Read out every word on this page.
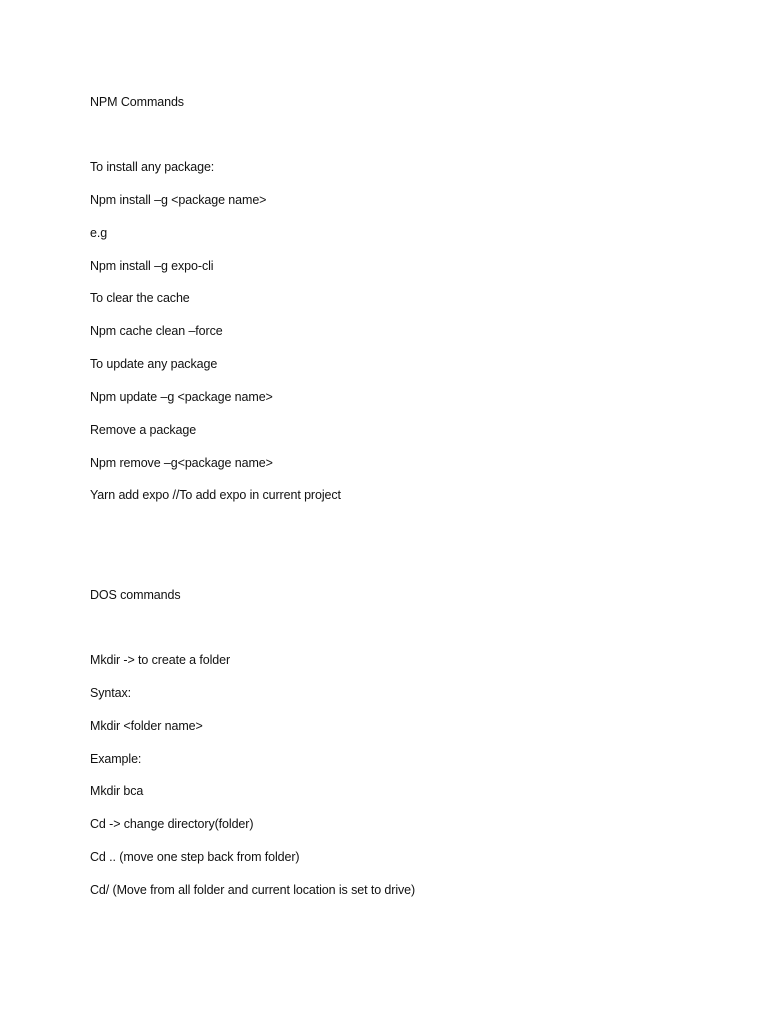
NPM Commands
To install any package:
Npm install –g <package name>
e.g
Npm install –g expo-cli
To clear the cache
Npm cache clean –force
To update any package
Npm update –g <package name>
Remove a package
Npm remove –g<package name>
Yarn add expo //To add expo in current project
DOS commands
Mkdir -> to create a folder
Syntax:
Mkdir <folder name>
Example:
Mkdir bca
Cd -> change directory(folder)
Cd .. (move one step back from folder)
Cd/ (Move from all folder and current location is set to drive)
